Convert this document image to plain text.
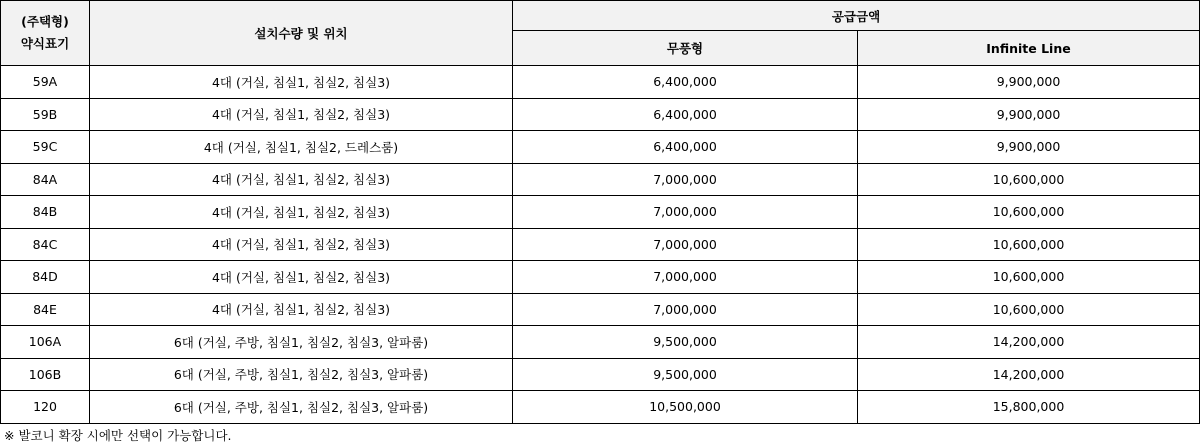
(주택형)
약식표기	설치수량 및 위치	공급금액	
		무풍형	Infinite Line
59A	4대 (거실, 침실1, 침실2, 침실3)	6,400,000	9,900,000
59B	4대 (거실, 침실1, 침실2, 침실3)	6,400,000	9,900,000
59C	4대 (거실, 침실1, 침실2, 드레스룸)	6,400,000	9,900,000
84A	4대 (거실, 침실1, 침실2, 침실3)	7,000,000	10,600,000
84B	4대 (거실, 침실1, 침실2, 침실3)	7,000,000	10,600,000
84C	4대 (거실, 침실1, 침실2, 침실3)	7,000,000	10,600,000
84D	4대 (거실, 침실1, 침실2, 침실3)	7,000,000	10,600,000
84E	4대 (거실, 침실1, 침실2, 침실3)	7,000,000	10,600,000
106A	6대 (거실, 주방, 침실1, 침실2, 침실3, 알파룸)	9,500,000	14,200,000
106B	6대 (거실, 주방, 침실1, 침실2, 침실3, 알파룸)	9,500,000	14,200,000
120	6대 (거실, 주방, 침실1, 침실2, 침실3, 알파룸)	10,500,000	15,800,000
※ 발코니 확장 시에만 선택이 가능합니다.
